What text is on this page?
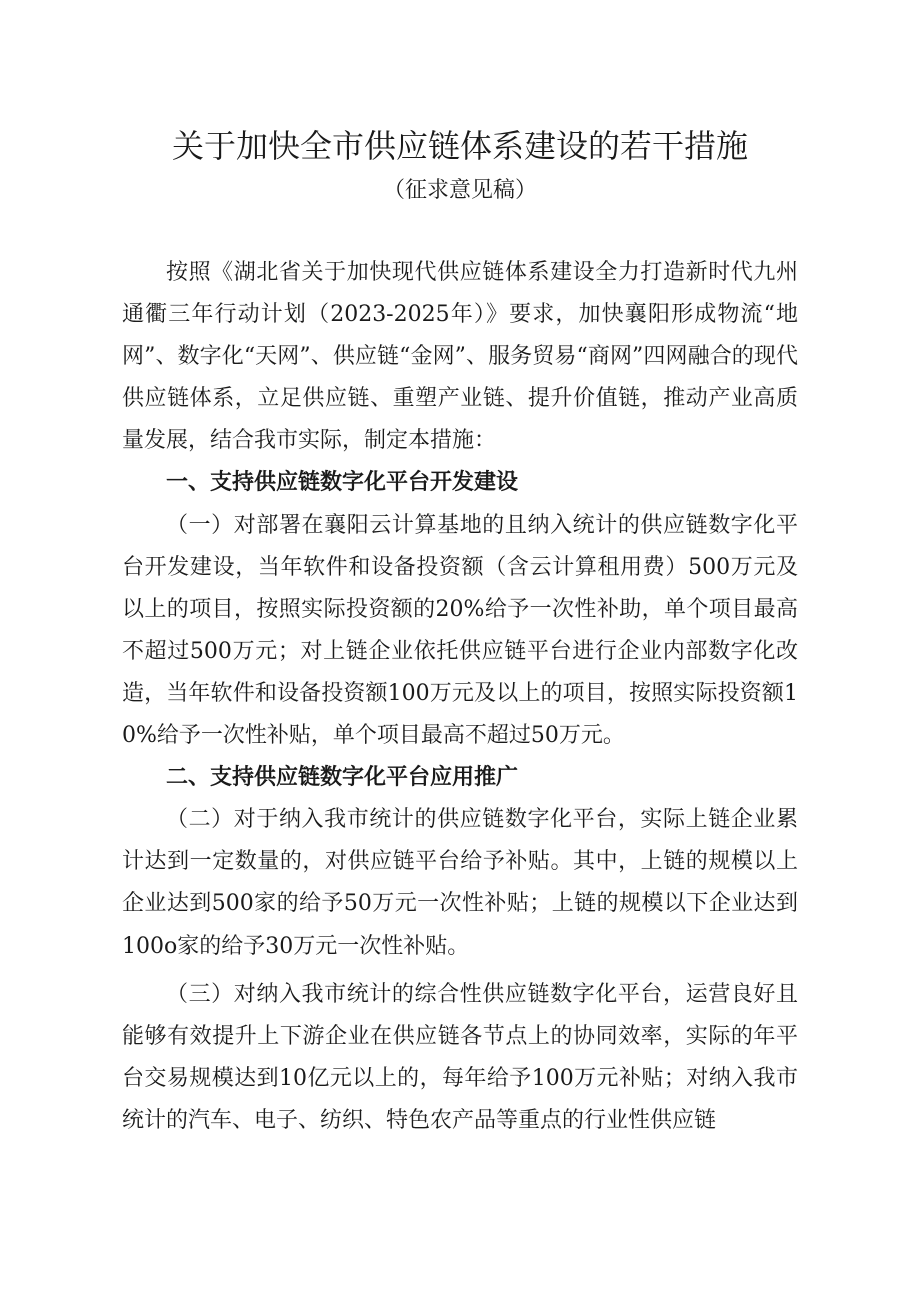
关于加快全市供应链体系建设的若干措施
（征求意见稿）

按照《湖北省关于加快现代供应链体系建设全力打造新时代九州通衢三年行动计划（2023-2025年）》要求，加快襄阳形成物流“地网”、数字化“天网”、供应链“金网”、服务贸易“商网”四网融合的现代供应链体系，立足供应链、重塑产业链、提升价值链，推动产业高质量发展，结合我市实际，制定本措施：

一、支持供应链数字化平台开发建设

（一）对部署在襄阳云计算基地的且纳入统计的供应链数字化平台开发建设，当年软件和设备投资额（含云计算租用费）500万元及以上的项目，按照实际投资额的20%给予一次性补助，单个项目最高不超过500万元；对上链企业依托供应链平台进行企业内部数字化改造，当年软件和设备投资额100万元及以上的项目，按照实际投资额10%给予一次性补贴，单个项目最高不超过50万元。

二、支持供应链数字化平台应用推广

（二）对于纳入我市统计的供应链数字化平台，实际上链企业累计达到一定数量的，对供应链平台给予补贴。其中，上链的规模以上企业达到500家的给予50万元一次性补贴；上链的规模以下企业达到100o家的给予30万元一次性补贴。

（三）对纳入我市统计的综合性供应链数字化平台，运营良好且能够有效提升上下游企业在供应链各节点上的协同效率，实际的年平台交易规模达到10亿元以上的，每年给予100万元补贴；对纳入我市统计的汽车、电子、纺织、特色农产品等重点的行业性供应链
